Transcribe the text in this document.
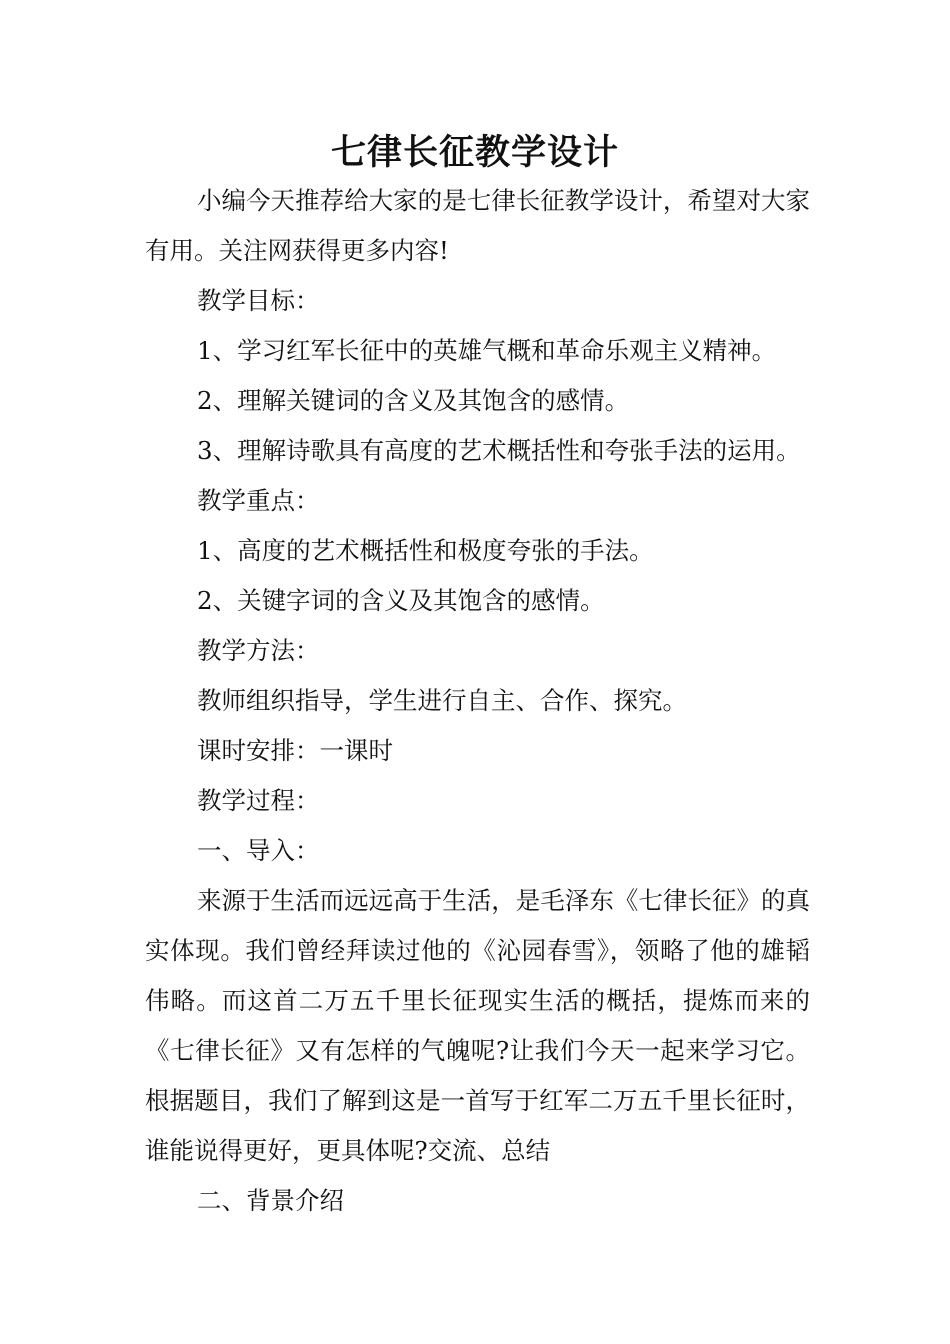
七律长征教学设计

小编今天推荐给大家的是七律长征教学设计，希望对大家有用。关注网获得更多内容!

教学目标：

1、学习红军长征中的英雄气概和革命乐观主义精神。

2、理解关键词的含义及其饱含的感情。

3、理解诗歌具有高度的艺术概括性和夸张手法的运用。

教学重点：

1、高度的艺术概括性和极度夸张的手法。

2、关键字词的含义及其饱含的感情。

教学方法：

教师组织指导，学生进行自主、合作、探究。

课时安排：一课时

教学过程：

一、导入：

来源于生活而远远高于生活，是毛泽东《七律长征》的真实体现。我们曾经拜读过他的《沁园春雪》，领略了他的雄韬伟略。而这首二万五千里长征现实生活的概括，提炼而来的《七律长征》又有怎样的气魄呢?让我们今天一起来学习它。根据题目，我们了解到这是一首写于红军二万五千里长征时，谁能说得更好，更具体呢?交流、总结

二、背景介绍
